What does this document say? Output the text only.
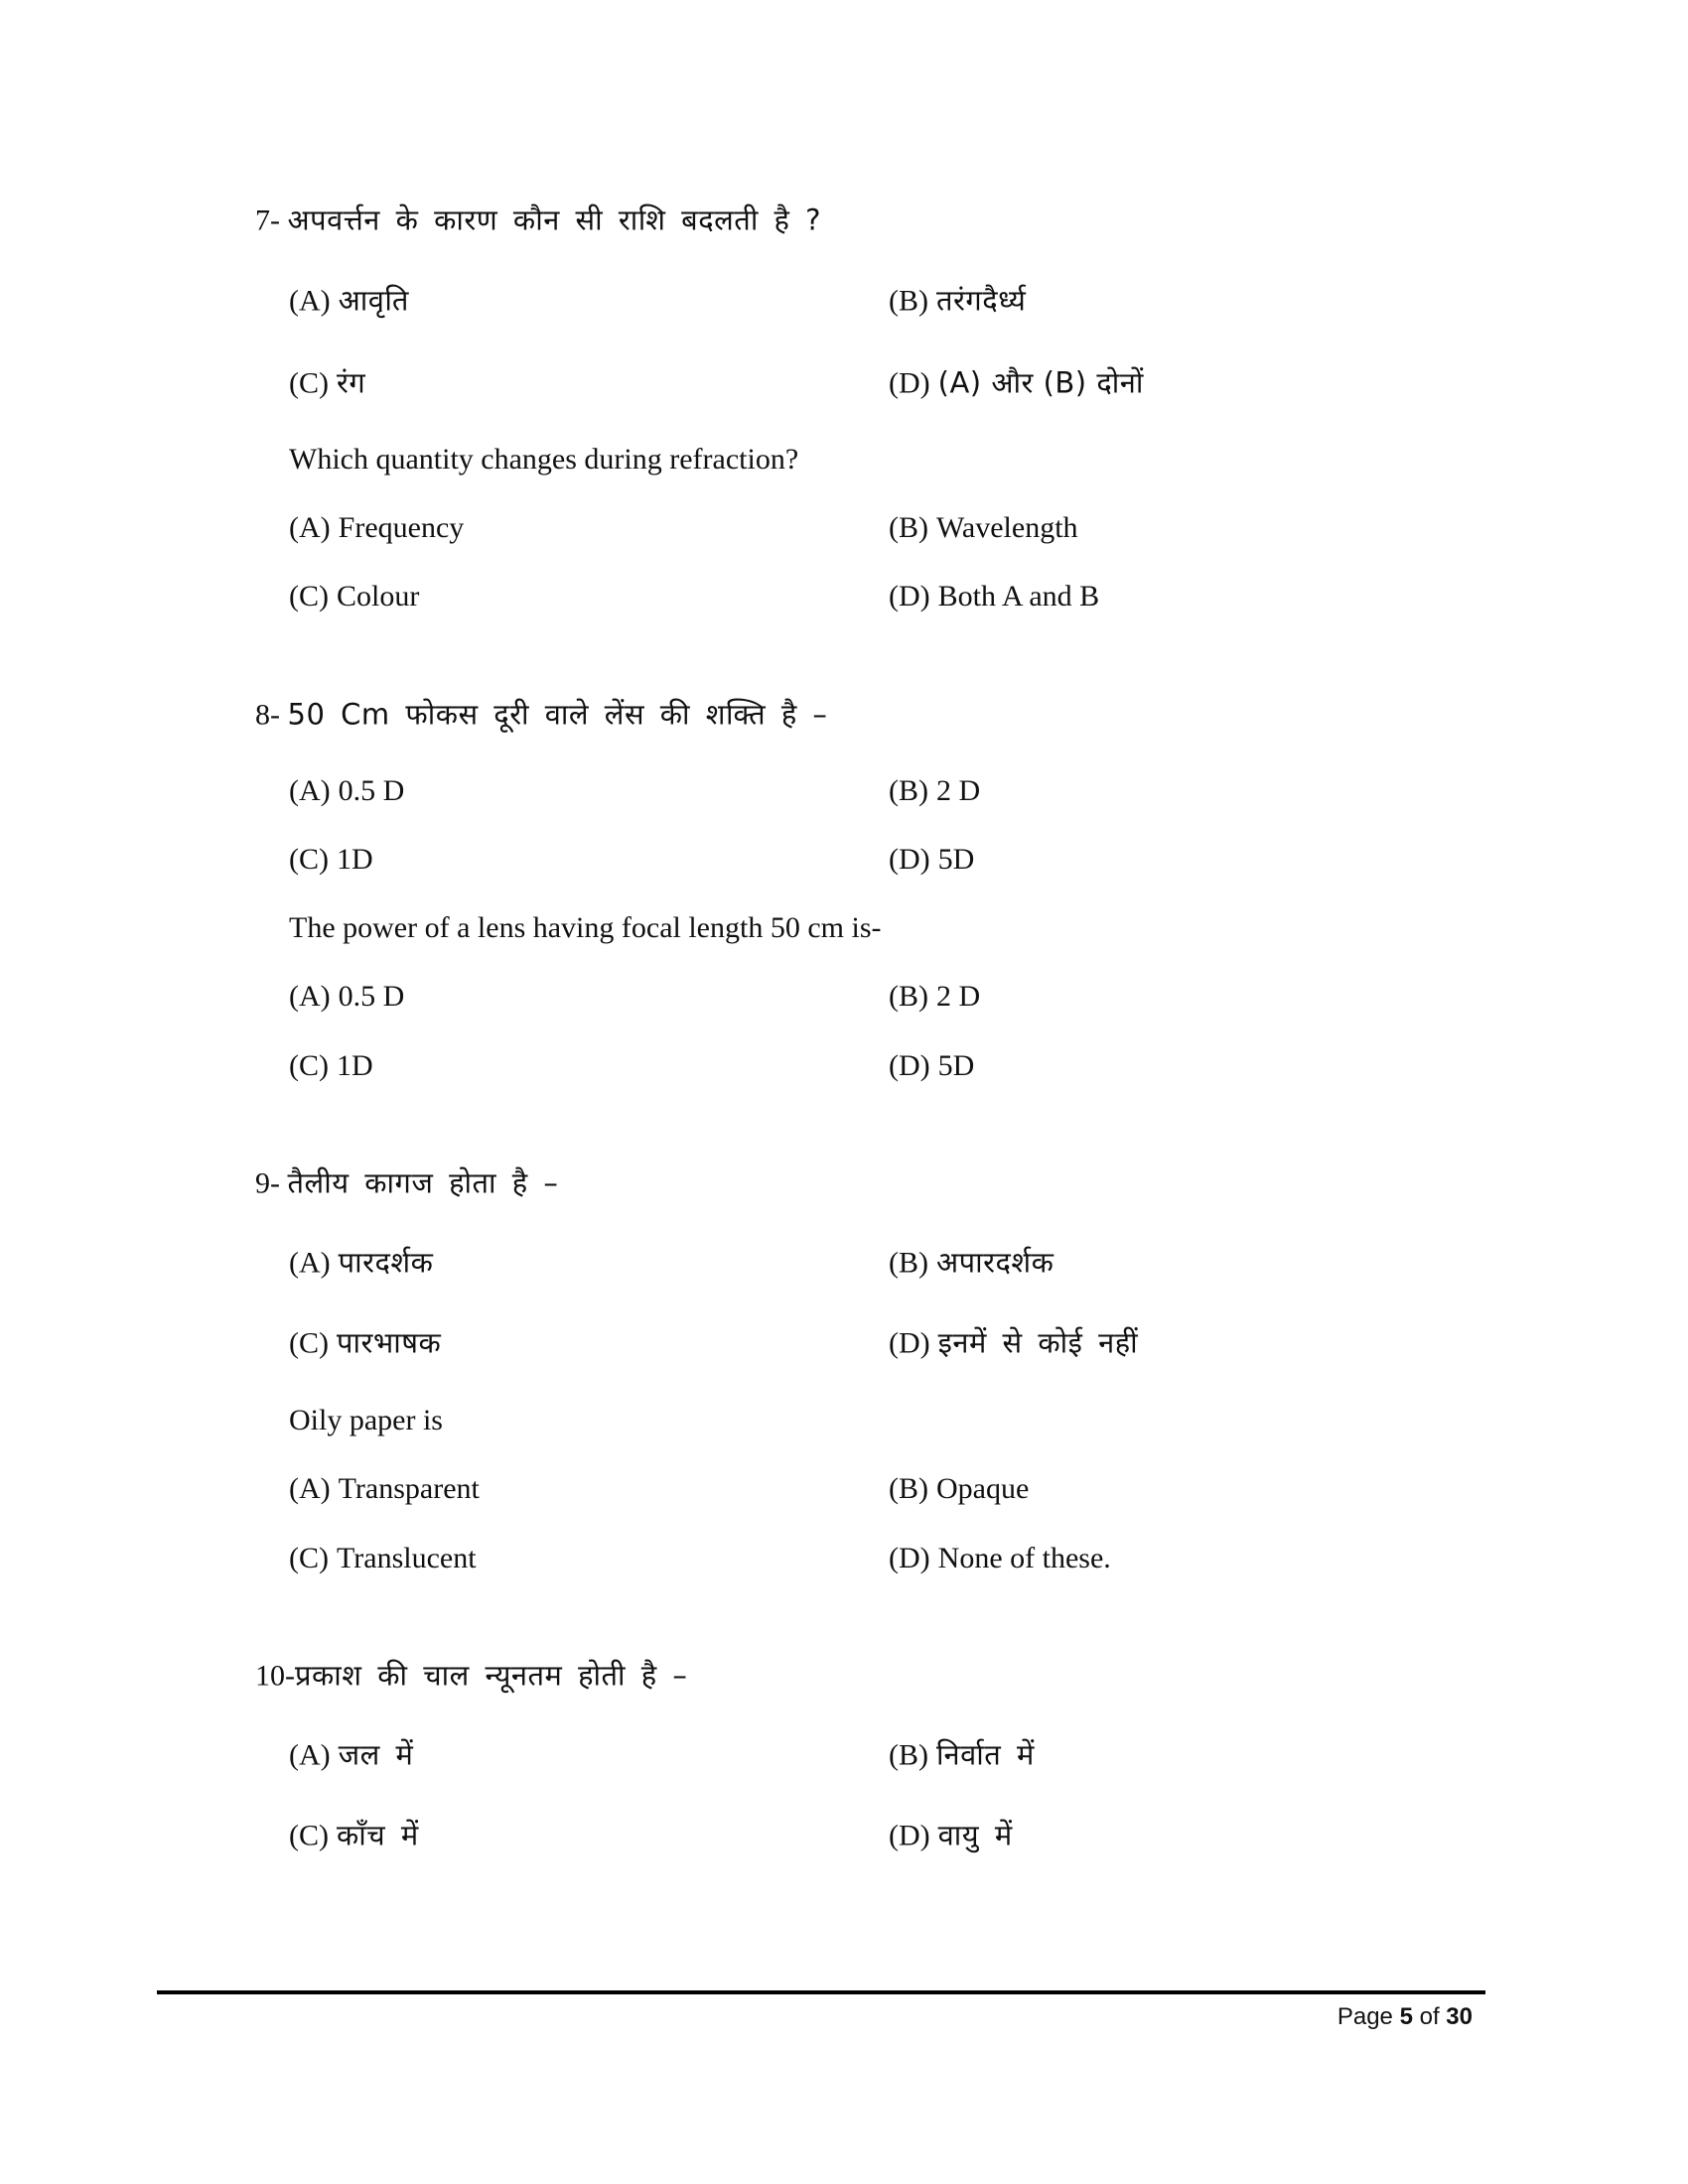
7- अपवर्त्तन के कारण कौन सी राशि बदलती है ?
(A) आवृति	(B) तरंगदैर्ध्य
(C) रंग	(D) (A) और (B) दोनों
Which quantity changes during refraction?
(A) Frequency	(B) Wavelength
(C) Colour	(D) Both A and B
8- 50 Cm फोकस दूरी वाले लेंस की शक्ति है –
(A) 0.5 D	(B) 2 D
(C) 1D	(D) 5D
The power of a lens having focal length 50 cm is-
(A) 0.5 D	(B) 2 D
(C) 1D	(D) 5D
9- तैलीय कागज होता है –
(A) पारदर्शक	(B) अपारदर्शक
(C) पारभाषक	(D) इनमें से कोई नहीं
Oily paper is
(A) Transparent	(B) Opaque
(C) Translucent	(D) None of these.
10-प्रकाश की चाल न्यूनतम होती है –
(A) जल में	(B) निर्वात में
(C) काँच में	(D) वायु में
Page 5 of 30
